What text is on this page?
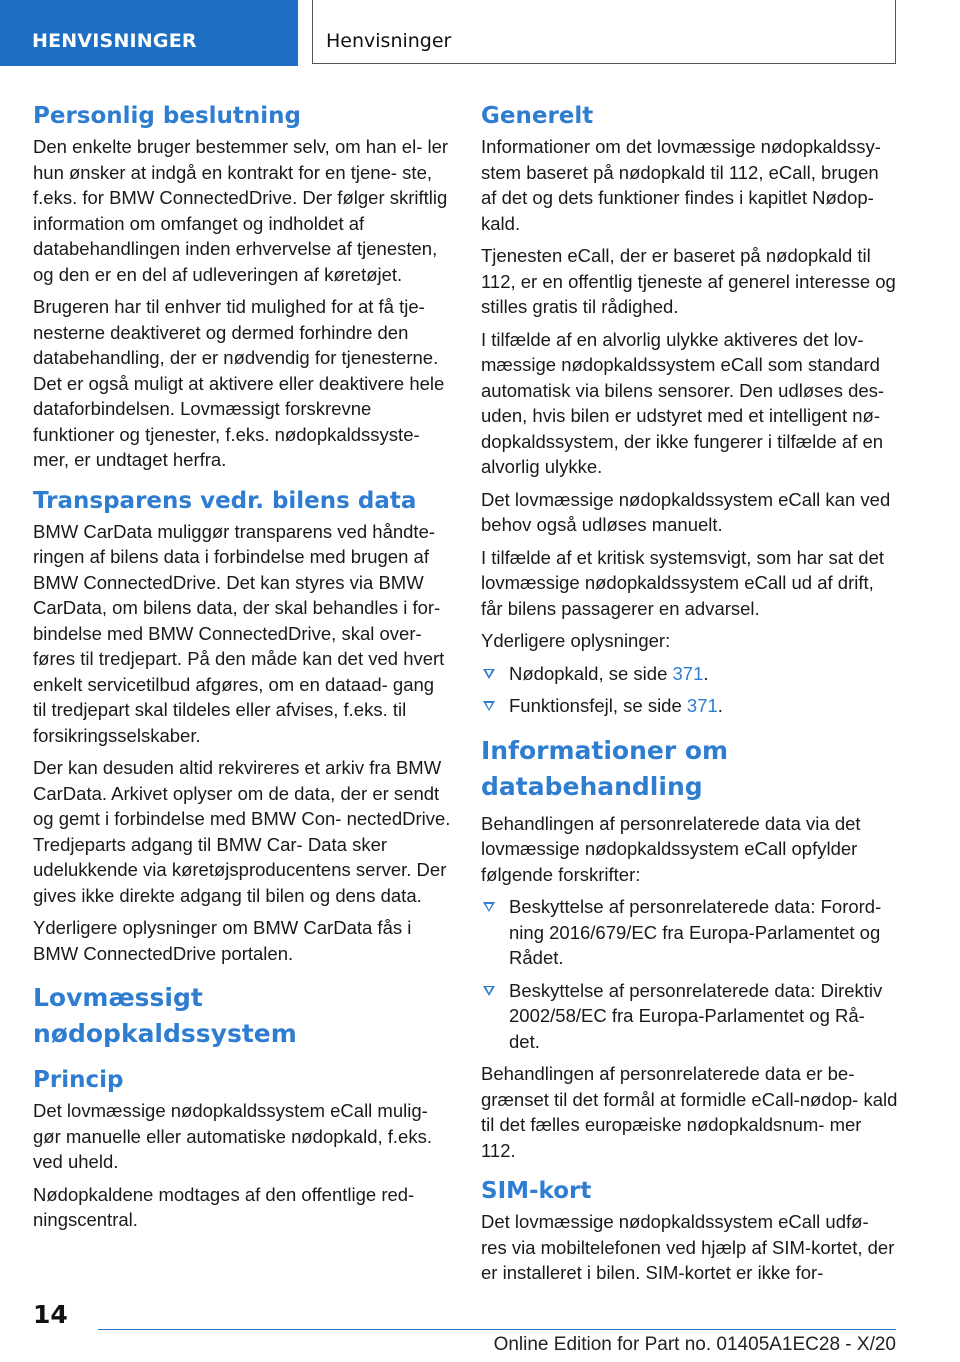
HENVISNINGER	Henvisninger
Personlig beslutning

Den enkelte bruger bestemmer selv, om han el‐ ler hun ønsker at indgå en kontrakt for en tjene‐ ste, f.eks. for BMW ConnectedDrive. Der følger skriftlig information om omfanget og indholdet af databehandlingen inden erhvervelse af tjenesten, og den er en del af udleveringen af køretøjet.

Brugeren har til enhver tid mulighed for at få tje‐ nesterne deaktiveret og dermed forhindre den databehandling, der er nødvendig for tjenesterne. Det er også muligt at aktivere eller deaktivere hele dataforbindelsen. Lovmæssigt forskrevne funktioner og tjenester, f.eks. nødopkaldssyste‐ mer, er undtaget herfra.

Transparens vedr. bilens data

BMW CarData muliggør transparens ved håndte‐ ringen af bilens data i forbindelse med brugen af BMW ConnectedDrive. Det kan styres via BMW CarData, om bilens data, der skal behandles i for‐ bindelse med BMW ConnectedDrive, skal over‐ føres til tredjepart. På den måde kan det ved hvert enkelt servicetilbud afgøres, om en dataad‐ gang til tredjepart skal tildeles eller afvises, f.eks. til forsikringsselskaber.

Der kan desuden altid rekvireres et arkiv fra BMW CarData. Arkivet oplyser om de data, der er sendt og gemt i forbindelse med BMW Con‐ nectedDrive. Tredjeparts adgang til BMW Car‐ Data sker udelukkende via køretøjsproducentens server. Der gives ikke direkte adgang til bilen og dens data.

Yderligere oplysninger om BMW CarData fås i BMW ConnectedDrive portalen.

Lovmæssigt nødopkaldssystem
Princip

Det lovmæssige nødopkaldssystem eCall mulig‐ gør manuelle eller automatiske nødopkald, f.eks. ved uheld.

Nødopkaldene modtages af den offentlige red‐ ningscentral.

Generelt

Informationer om det lovmæssige nødopkaldssy‐ stem baseret på nødopkald til 112, eCall, brugen af det og dets funktioner findes i kapitlet Nødop‐ kald.

Tjenesten eCall, der er baseret på nødopkald til 112, er en offentlig tjeneste af generel interesse og stilles gratis til rådighed.

I tilfælde af en alvorlig ulykke aktiveres det lov‐ mæssige nødopkaldssystem eCall som standard automatisk via bilens sensorer. Den udløses des‐ uden, hvis bilen er udstyret med et intelligent nø‐ dopkaldssystem, der ikke fungerer i tilfælde af en alvorlig ulykke.

Det lovmæssige nødopkaldssystem eCall kan ved behov også udløses manuelt.

I tilfælde af et kritisk systemsvigt, som har sat det lovmæssige nødopkaldssystem eCall ud af drift, får bilens passagerer en advarsel.

Yderligere oplysninger:

Nødopkald, se side 371.
Funktionsfejl, se side 371.
Informationer om databehandling

Behandlingen af personrelaterede data via det lovmæssige nødopkaldssystem eCall opfylder følgende forskrifter:

Beskyttelse af personrelaterede data: Forord‐ ning 2016/679/EC fra Europa-Parlamentet og Rådet.
Beskyttelse af personrelaterede data: Direktiv 2002/58/EC fra Europa-Parlamentet og Rå‐ det.

Behandlingen af personrelaterede data er be‐ grænset til det formål at formidle eCall-nødop‐ kald til det fælles europæiske nødopkaldsnum‐ mer 112.

SIM-kort

Det lovmæssige nødopkaldssystem eCall udfø‐ res via mobiltelefonen ved hjælp af SIM-kortet, der er installeret i bilen. SIM-kortet er ikke for‐

14
Online Edition for Part no. 01405A1EC28 - X/20
